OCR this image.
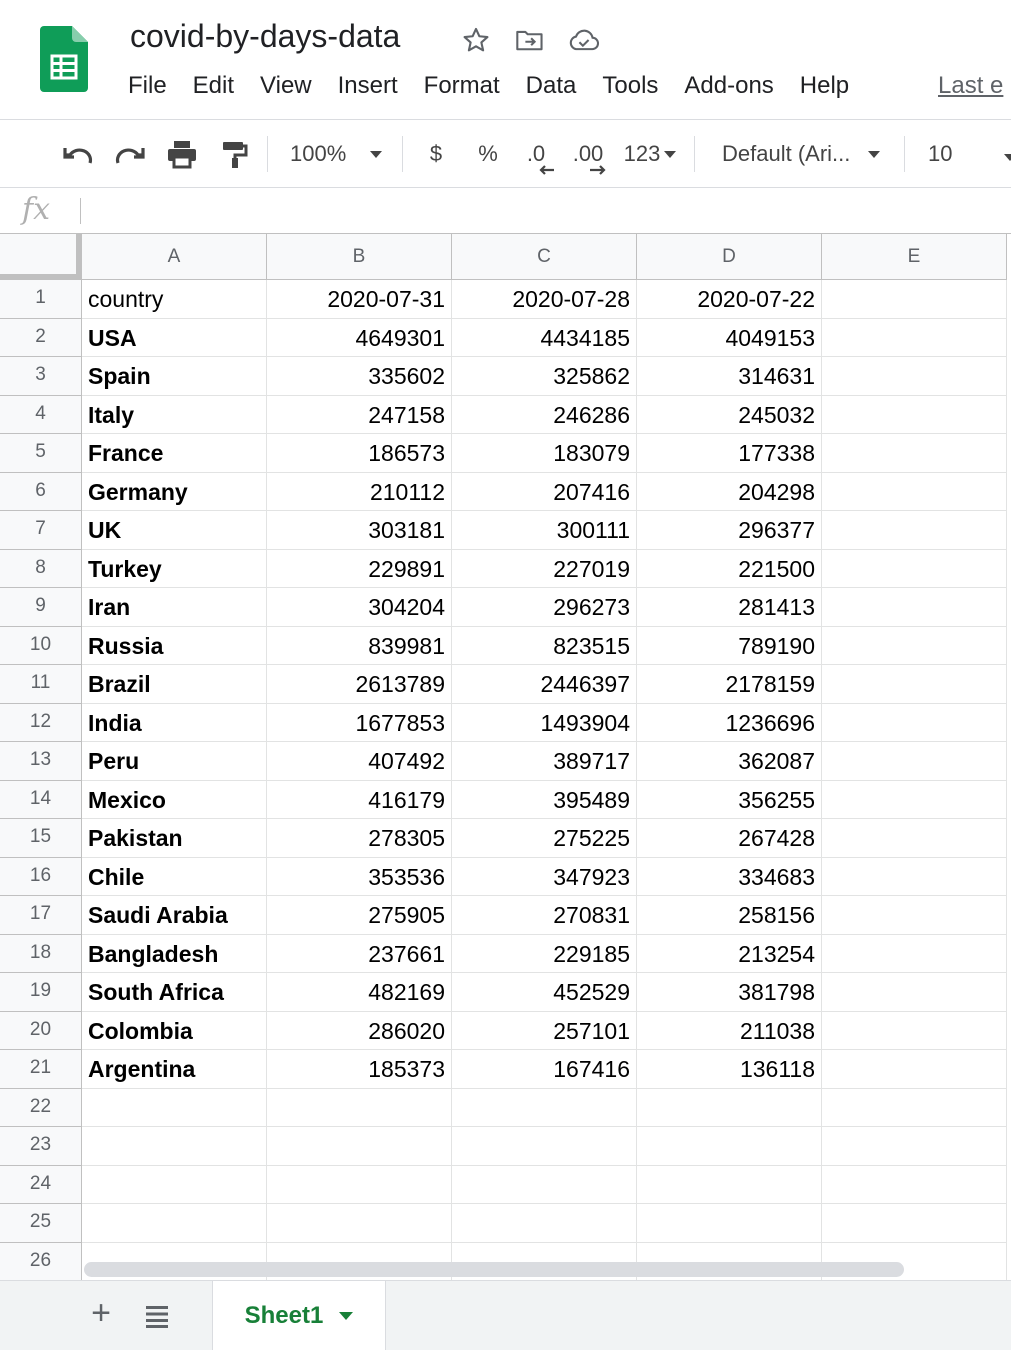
covid-by-days-data
File Edit View Insert Format Data Tools Add-ons Help	Last e
100%	$	%	.0 .00 123	Default (Ari...	10
fx
A	B	C	D	E
1	country	2020-07-31	2020-07-28	2020-07-22
2	USA	4649301	4434185	4049153
3	Spain	335602	325862	314631
4	Italy	247158	246286	245032
5	France	186573	183079	177338
6	Germany	210112	207416	204298
7	UK	303181	300111	296377
8	Turkey	229891	227019	221500
9	Iran	304204	296273	281413
10	Russia	839981	823515	789190
11	Brazil	2613789	2446397	2178159
12	India	1677853	1493904	1236696
13	Peru	407492	389717	362087
14	Mexico	416179	395489	356255
15	Pakistan	278305	275225	267428
16	Chile	353536	347923	334683
17	Saudi Arabia	275905	270831	258156
18	Bangladesh	237661	229185	213254
19	South Africa	482169	452529	381798
20	Colombia	286020	257101	211038
21	Argentina	185373	167416	136118
22
23
24
25
26
+	Sheet1
